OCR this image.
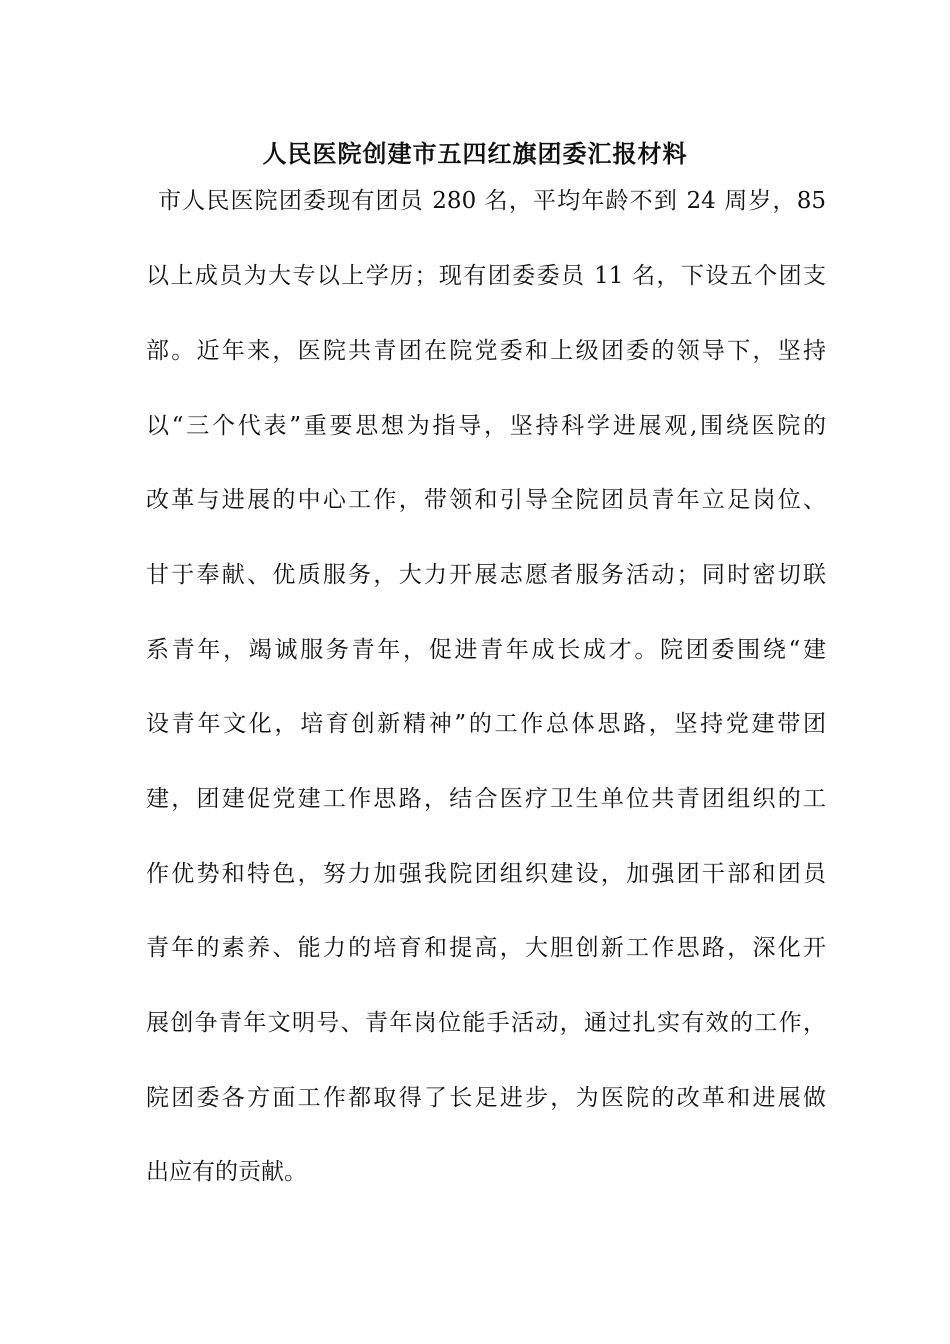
人民医院创建市五四红旗团委汇报材料
市人民医院团委现有团员 280 名，平均年龄不到 24 周岁，85
以上成员为大专以上学历；现有团委委员 11 名，下设五个团支
部。近年来，医院共青团在院党委和上级团委的领导下，坚持
以“三个代表”重要思想为指导，坚持科学进展观,围绕医院的
改革与进展的中心工作，带领和引导全院团员青年立足岗位、
甘于奉献、优质服务，大力开展志愿者服务活动；同时密切联
系青年，竭诚服务青年，促进青年成长成才。院团委围绕“建
设青年文化，培育创新精神”的工作总体思路，坚持党建带团
建，团建促党建工作思路，结合医疗卫生单位共青团组织的工
作优势和特色，努力加强我院团组织建设，加强团干部和团员
青年的素养、能力的培育和提高，大胆创新工作思路，深化开
展创争青年文明号、青年岗位能手活动，通过扎实有效的工作，
院团委各方面工作都取得了长足进步，为医院的改革和进展做
出应有的贡献。
